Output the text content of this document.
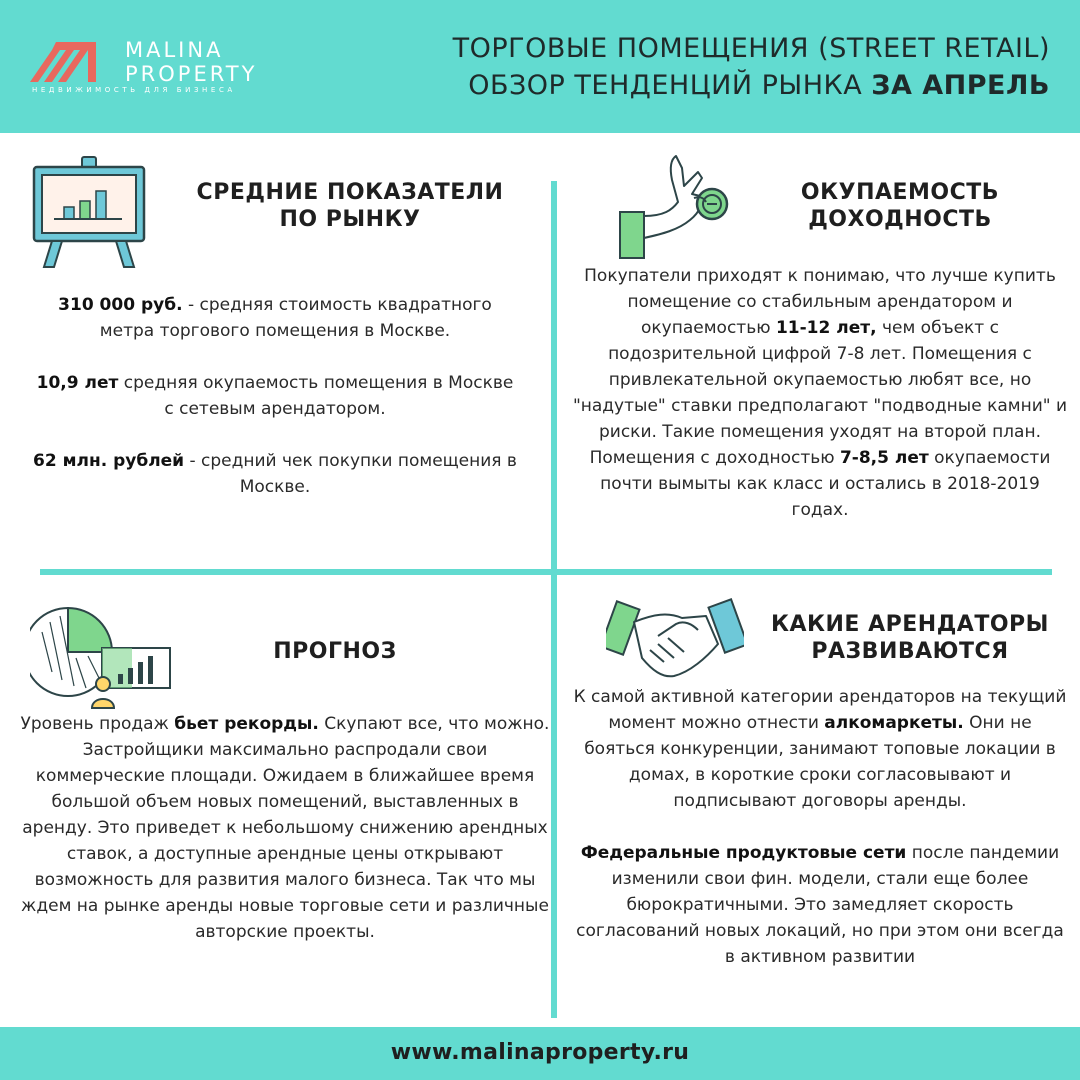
MALINA
PROPERTY
НЕДВИЖИМОСТЬ ДЛЯ БИЗНЕСА
ТОРГОВЫЕ ПОМЕЩЕНИЯ (STREET RETAIL)
ОБЗОР ТЕНДЕНЦИЙ РЫНКА ЗА АПРЕЛЬ
СРЕДНИЕ ПОКАЗАТЕЛИ
ПО РЫНКУ

310 000 руб. - средняя стоимость квадратного метра торгового помещения в Москве.

10,9 лет средняя окупаемость помещения в Москве с сетевым арендатором.

62 млн. рублей - средний чек покупки помещения в Москве.

ОКУПАЕМОСТЬ
ДОХОДНОСТЬ

Покупатели приходят к понимаю, что лучше купить помещение со стабильным арендатором и окупаемостью 11-12 лет, чем объект с подозрительной цифрой 7-8 лет. Помещения с привлекательной окупаемостью любят все, но "надутые" ставки предполагают "подводные камни" и риски. Такие помещения уходят на второй план.

Помещения с доходностью 7-8,5 лет окупаемости почти вымыты как класс и остались в 2018-2019 годах.

ПРОГНОЗ

Уровень продаж бьет рекорды. Скупают все, что можно. Застройщики максимально распродали свои коммерческие площади. Ожидаем в ближайшее время большой объем новых помещений, выставленных в аренду. Это приведет к небольшому снижению арендных ставок, а доступные арендные цены открывают возможность для развития малого бизнеса. Так что мы ждем на рынке аренды новые торговые сети и различные авторские проекты.

КАКИЕ АРЕНДАТОРЫ
РАЗВИВАЮТСЯ

К самой активной категории арендаторов на текущий момент можно отнести алкомаркеты. Они не бояться конкуренции, занимают топовые локации в домах, в короткие сроки согласовывают и подписывают договоры аренды.

Федеральные продуктовые сети после пандемии изменили свои фин. модели, стали еще более бюрократичными. Это замедляет скорость согласований новых локаций, но при этом они всегда в активном развитии

www.malinaproperty.ru
